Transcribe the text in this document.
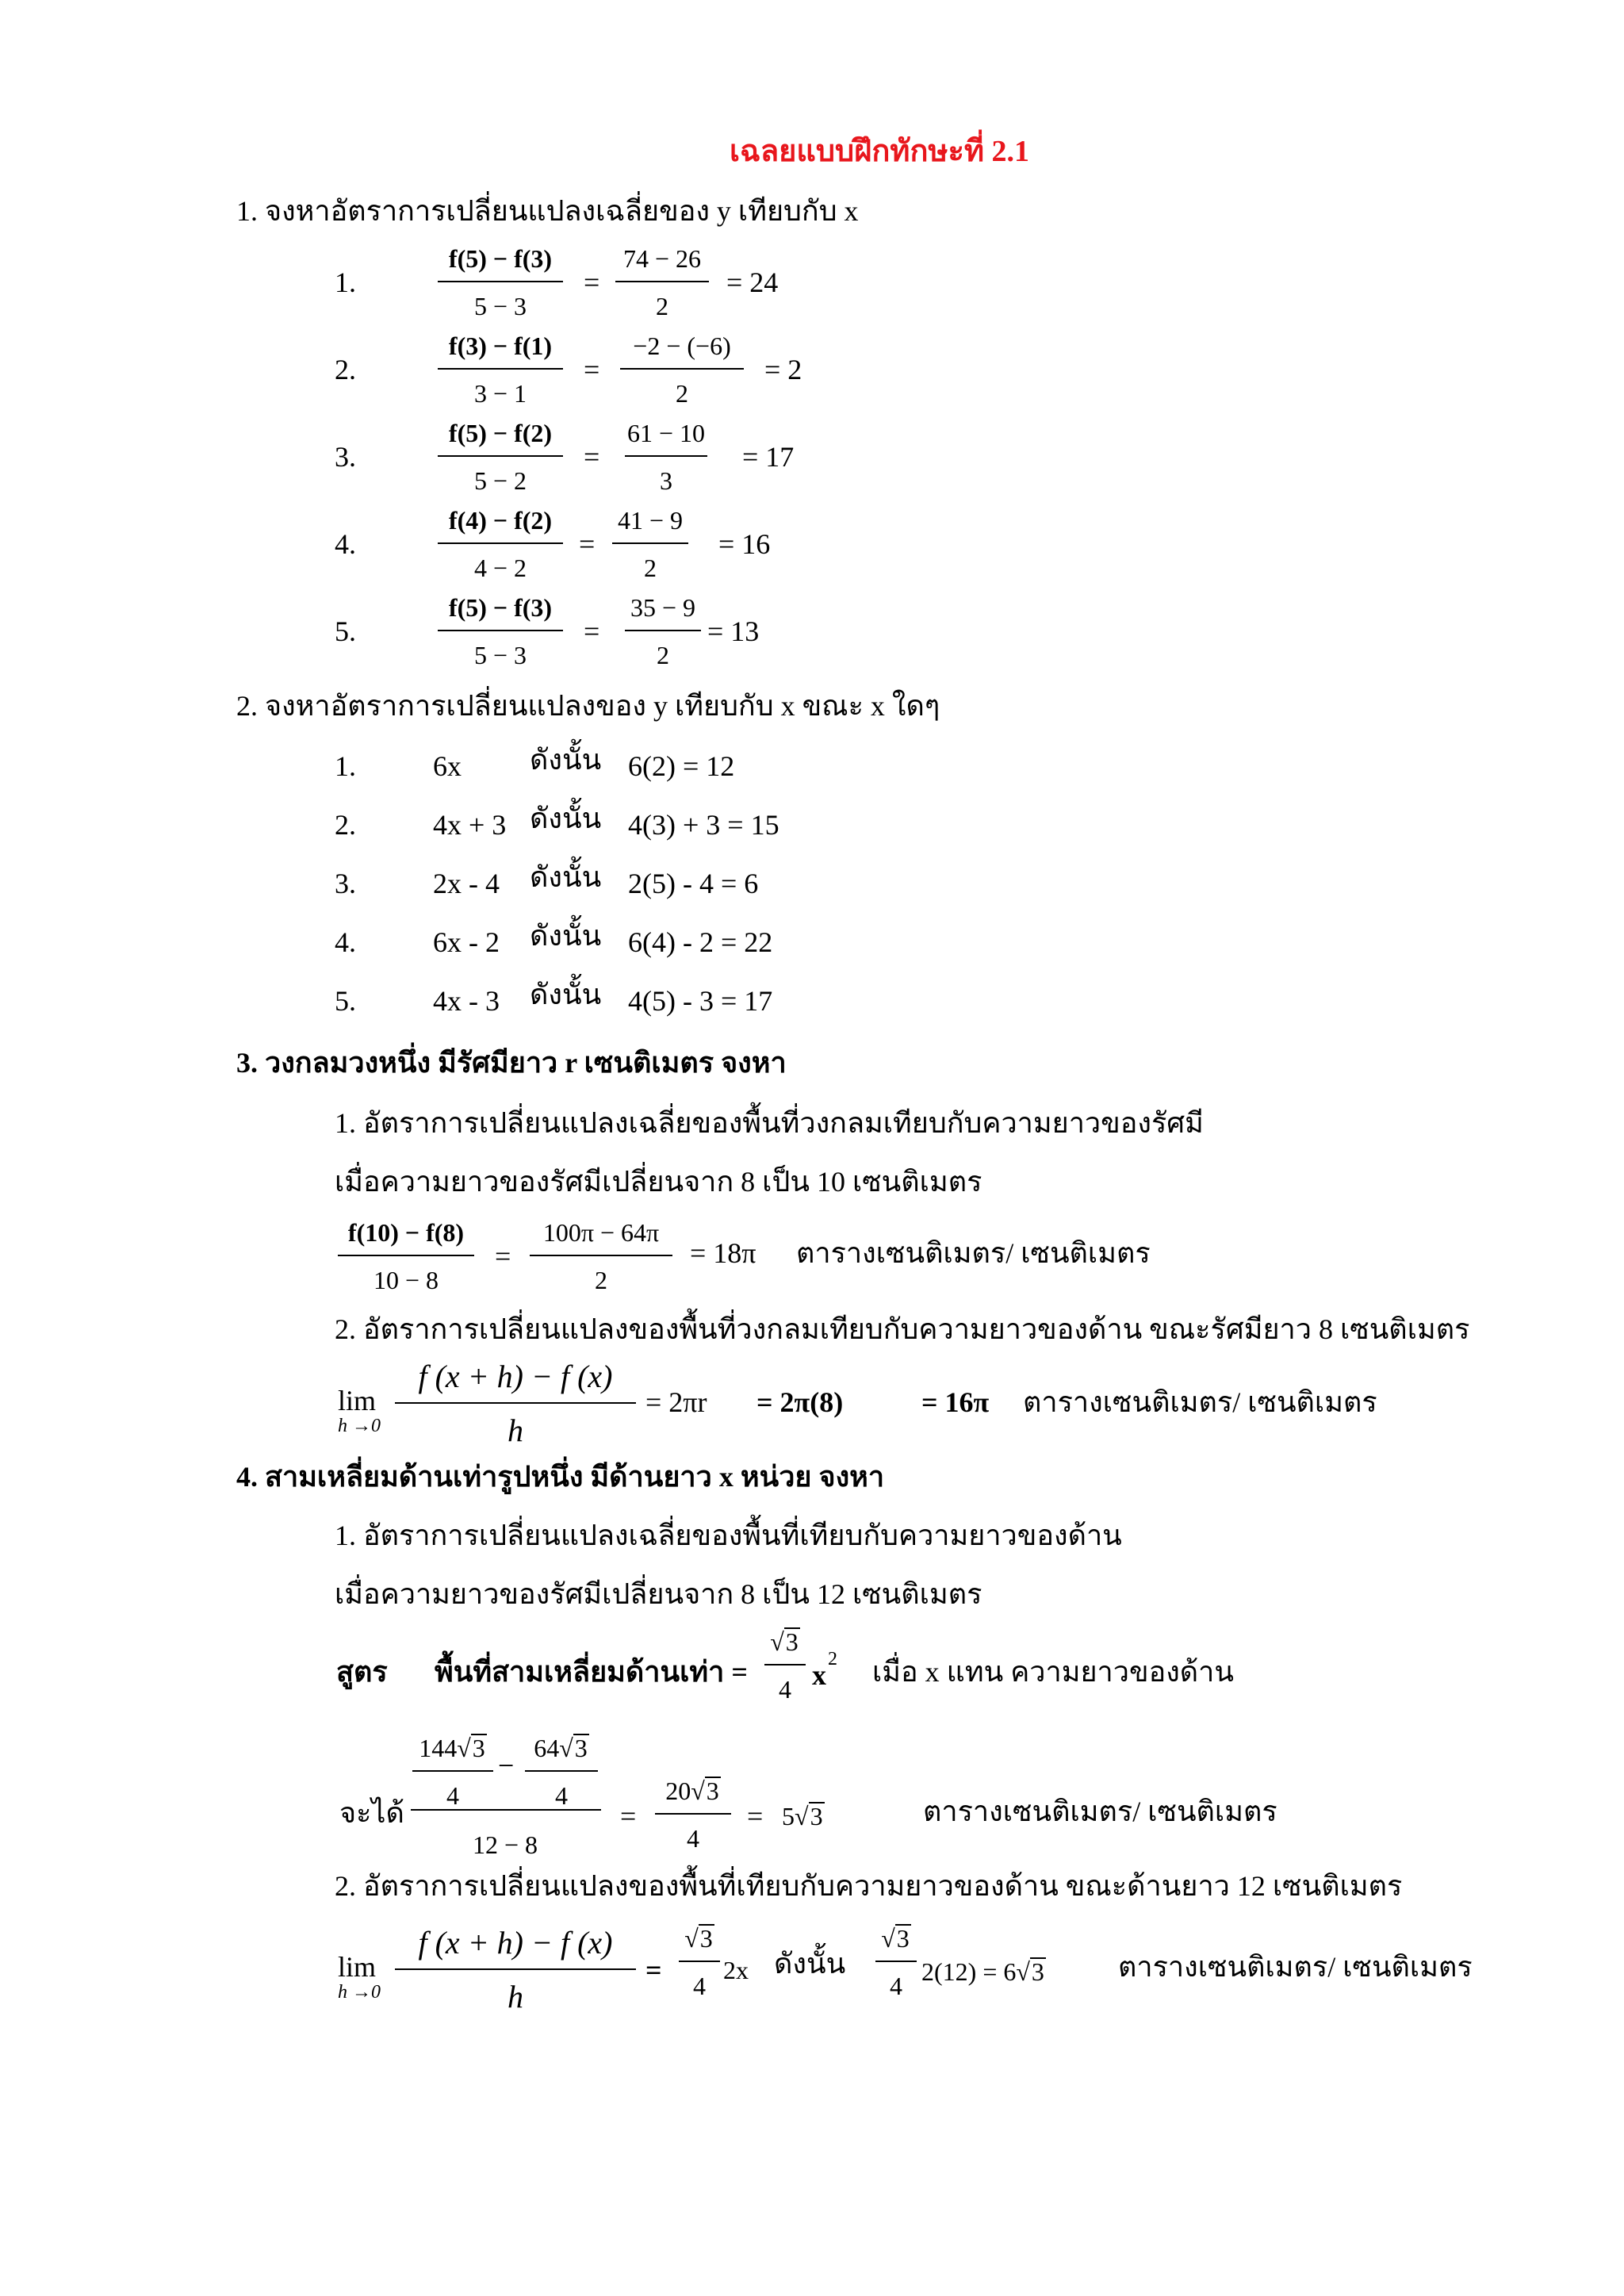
เฉลยแบบฝึกทักษะที่ 2.1
1. จงหาอัตราการเปลี่ยนแปลงเฉลี่ยของ y เทียบกับ x
1.
f(5) − f(3)
5 − 3
=
74 − 26
2
= 24
2.
f(3) − f(1)
3 − 1
=
−2 − (−6)
2
= 2
3.
f(5) − f(2)
5 − 2
=
61 − 10
3
= 17
4.
f(4) − f(2)
4 − 2
=
41 − 9
2
= 16
5.
f(5) − f(3)
5 − 3
=
35 − 9
2
= 13
2. จงหาอัตราการเปลี่ยนแปลงของ y เทียบกับ x ขณะ x ใดๆ
1.	6x ดังนั้น 6(2) = 12
2.	4x + 3 ดังนั้น 4(3) + 3 = 15
3.	2x - 4 ดังนั้น 2(5) - 4 = 6
4.	6x - 2 ดังนั้น 6(4) - 2 = 22
5.	4x - 3 ดังนั้น 4(5) - 3 = 17
3. วงกลมวงหนึ่ง มีรัศมียาว r เซนติเมตร จงหา
1. อัตราการเปลี่ยนแปลงเฉลี่ยของพื้นที่วงกลมเทียบกับความยาวของรัศมี
เมื่อความยาวของรัศมีเปลี่ยนจาก 8 เป็น 10 เซนติเมตร
f(10) − f(8)
10 − 8
=
100π − 64π
2
= 18π ตารางเซนติเมตร/ เซนติเมตร
2. อัตราการเปลี่ยนแปลงของพื้นที่วงกลมเทียบกับความยาวของด้าน ขณะรัศมียาว 8 เซนติเมตร
lim
h →0
f (x + h) − f (x)
h
= 2πr = 2π(8)	= 16π ตารางเซนติเมตร/ เซนติเมตร
4. สามเหลี่ยมด้านเท่ารูปหนึ่ง มีด้านยาว x หน่วย จงหา
1. อัตราการเปลี่ยนแปลงเฉลี่ยของพื้นที่เทียบกับความยาวของด้าน
เมื่อความยาวของรัศมีเปลี่ยนจาก 8 เป็น 12 เซนติเมตร
สูตร พื้นที่สามเหลี่ยมด้านเท่า =
√3
4 x 2 เมื่อ x แทน ความยาวของด้าน
จะได้
144√3
4
−
64√3
4
12 − 8
=
20√3
4
= 5√3	ตารางเซนติเมตร/ เซนติเมตร
2. อัตราการเปลี่ยนแปลงของพื้นที่เทียบกับความยาวของด้าน ขณะด้านยาว 12 เซนติเมตร
lim
h →0
f (x + h) − f (x)
h
=
√3
4
2x ดังนั้น
√3
4 2(12) = 6√3	ตารางเซนติเมตร/ เซนติเมตร
